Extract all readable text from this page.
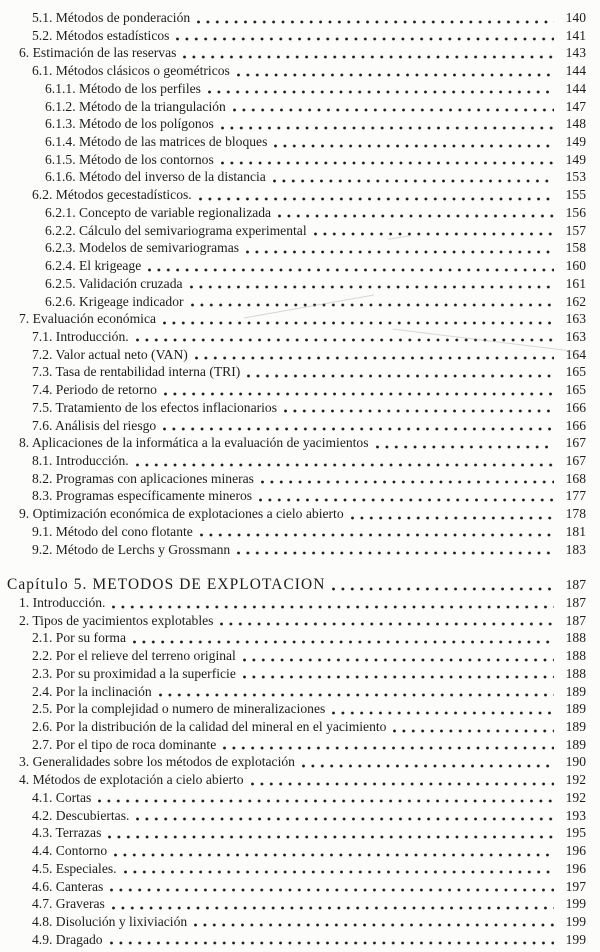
5.1. Métodos de ponderación	140
5.2. Métodos estadísticos	141
6. Estimación de las reservas	143
6.1. Métodos clásicos o geométricos	144
6.1.1. Método de los perfiles	144
6.1.2. Método de la triangulación	147
6.1.3. Método de los polígonos	148
6.1.4. Método de las matrices de bloques	149
6.1.5. Método de los contornos	149
6.1.6. Método del inverso de la distancia	153
6.2. Métodos gecestadísticos.	155
6.2.1. Concepto de variable regionalizada	156
6.2.2. Cálculo del semivariograma experimental	157
6.2.3. Modelos de semivariogramas	158
6.2.4. El krigeage	160
6.2.5. Validación cruzada	161
6.2.6. Krigeage indicador	162
7. Evaluación económica	163
7.1. Introducción.	163
7.2. Valor actual neto (VAN)	164
7.3. Tasa de rentabilidad interna (TRI)	165
7.4. Periodo de retorno	165
7.5. Tratamiento de los efectos inflacionarios	166
7.6. Análisis del riesgo	166
8. Aplicaciones de la informática a la evaluación de yacimientos	167
8.1. Introducción.	167
8.2. Programas con aplicaciones mineras	168
8.3. Programas específicamente mineros	177
9. Optimización económica de explotaciones a cielo abierto	178
9.1. Método del cono flotante	181
9.2. Método de Lerchs y Grossmann	183
Capítulo 5. METODOS DE EXPLOTACION	187
1. Introducción.	187
2. Tipos de yacimientos explotables	187
2.1. Por su forma	188
2.2. Por el relieve del terreno original	188
2.3. Por su proximidad a la superficie	188
2.4. Por la inclinación	189
2.5. Por la complejidad o numero de mineralizaciones	189
2.6. Por la distribución de la calidad del mineral en el yacimiento	189
2.7. Por el tipo de roca dominante	189
3. Generalidades sobre los métodos de explotación	190
4. Métodos de explotación a cielo abierto	192
4.1. Cortas	192
4.2. Descubiertas.	193
4.3. Terrazas	195
4.4. Contorno	196
4.5. Especiales.	196
4.6. Canteras	197
4.7. Graveras	199
4.8. Disolución y lixiviación	199
4.9. Dragado	199
